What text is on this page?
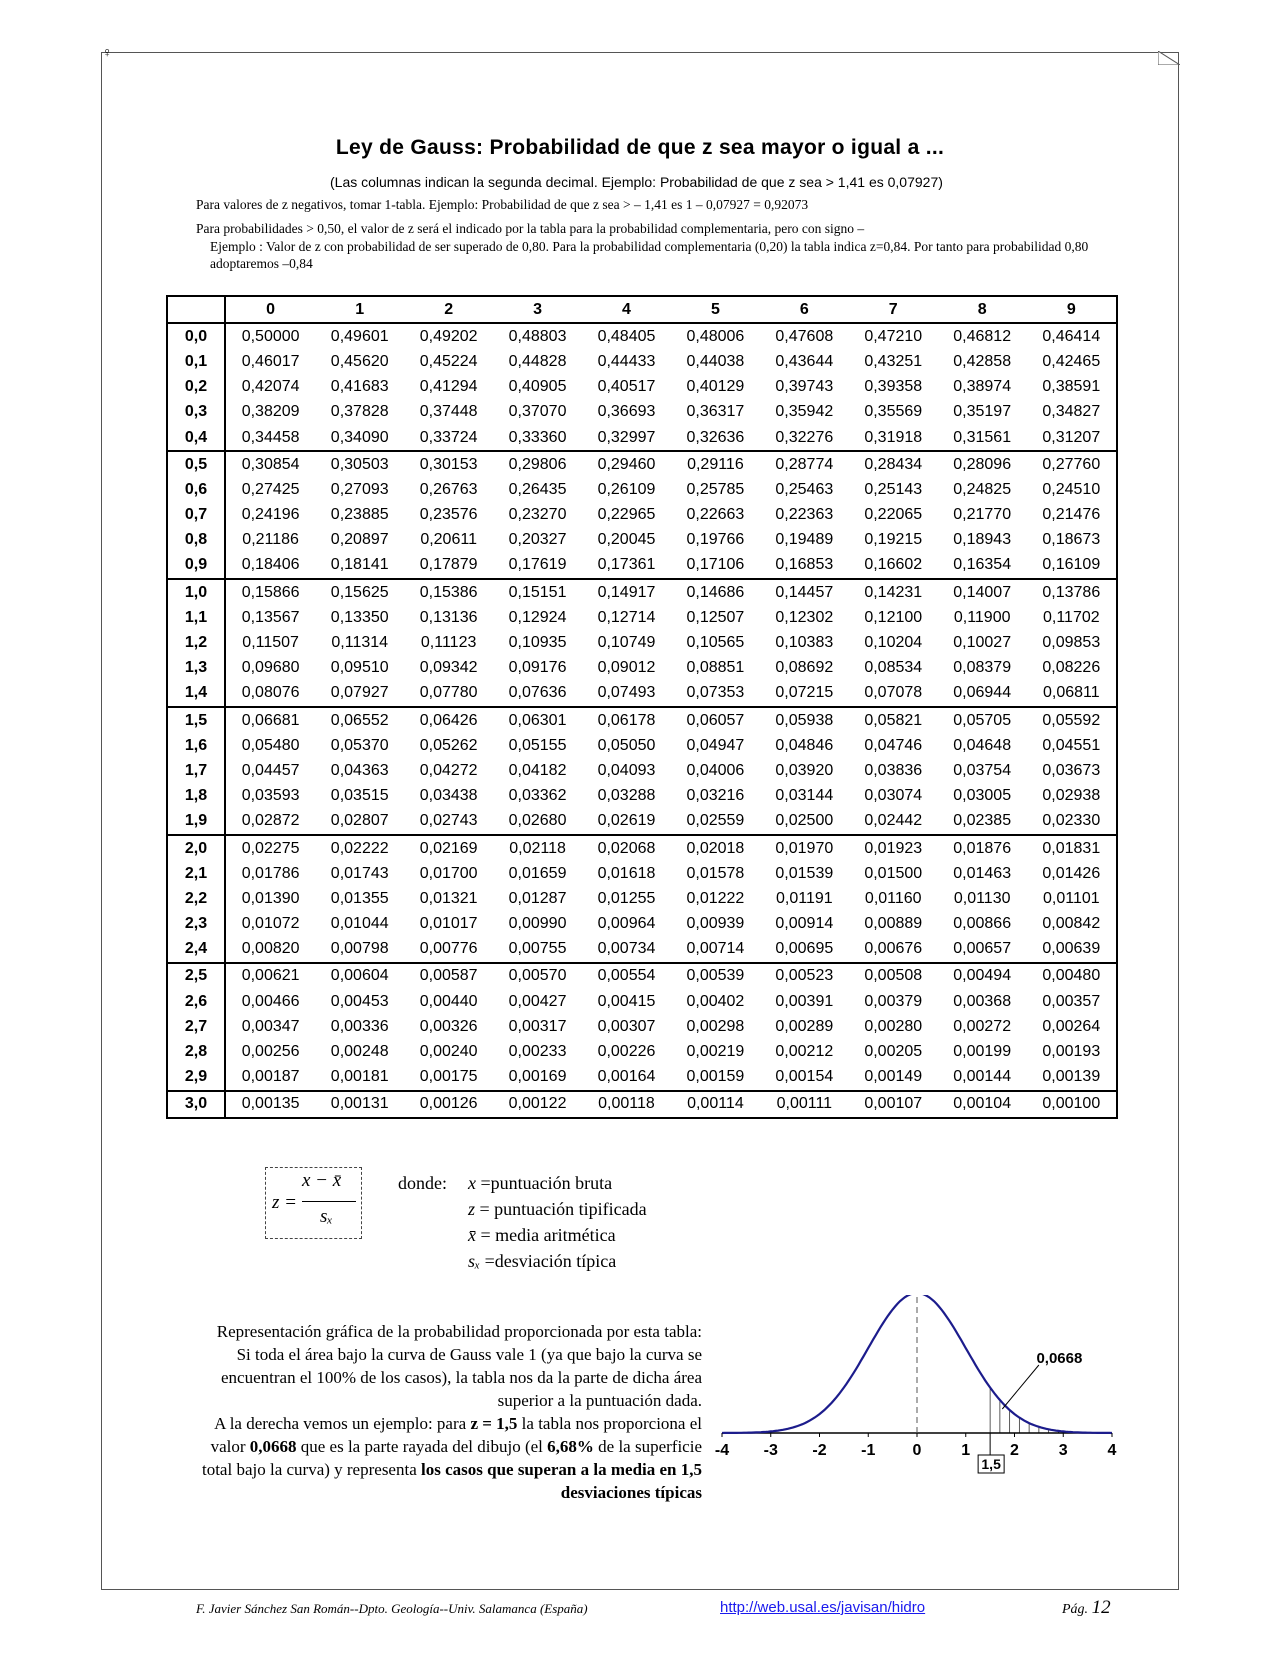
♀
Ley de Gauss: Probabilidad de que z sea mayor o igual a ...
(Las columnas indican la segunda decimal. Ejemplo: Probabilidad de que z sea > 1,41 es 0,07927)
Para valores de z negativos, tomar 1-tabla. Ejemplo: Probabilidad de que z sea > – 1,41 es 1 – 0,07927 = 0,92073
Para probabilidades > 0,50, el valor de z será el indicado por la tabla para la probabilidad complementaria, pero con signo –
Ejemplo : Valor de z con probabilidad de ser superado de 0,80. Para la probabilidad complementaria (0,20) la tabla indica z=0,84. Por tanto para probabilidad 0,80 adoptaremos –0,84
	0	1	2	3	4	5	6	7	8	9
0,0	0,50000	0,49601	0,49202	0,48803	0,48405	0,48006	0,47608	0,47210	0,46812	0,46414
0,1	0,46017	0,45620	0,45224	0,44828	0,44433	0,44038	0,43644	0,43251	0,42858	0,42465
0,2	0,42074	0,41683	0,41294	0,40905	0,40517	0,40129	0,39743	0,39358	0,38974	0,38591
0,3	0,38209	0,37828	0,37448	0,37070	0,36693	0,36317	0,35942	0,35569	0,35197	0,34827
0,4	0,34458	0,34090	0,33724	0,33360	0,32997	0,32636	0,32276	0,31918	0,31561	0,31207
0,5	0,30854	0,30503	0,30153	0,29806	0,29460	0,29116	0,28774	0,28434	0,28096	0,27760
0,6	0,27425	0,27093	0,26763	0,26435	0,26109	0,25785	0,25463	0,25143	0,24825	0,24510
0,7	0,24196	0,23885	0,23576	0,23270	0,22965	0,22663	0,22363	0,22065	0,21770	0,21476
0,8	0,21186	0,20897	0,20611	0,20327	0,20045	0,19766	0,19489	0,19215	0,18943	0,18673
0,9	0,18406	0,18141	0,17879	0,17619	0,17361	0,17106	0,16853	0,16602	0,16354	0,16109
1,0	0,15866	0,15625	0,15386	0,15151	0,14917	0,14686	0,14457	0,14231	0,14007	0,13786
1,1	0,13567	0,13350	0,13136	0,12924	0,12714	0,12507	0,12302	0,12100	0,11900	0,11702
1,2	0,11507	0,11314	0,11123	0,10935	0,10749	0,10565	0,10383	0,10204	0,10027	0,09853
1,3	0,09680	0,09510	0,09342	0,09176	0,09012	0,08851	0,08692	0,08534	0,08379	0,08226
1,4	0,08076	0,07927	0,07780	0,07636	0,07493	0,07353	0,07215	0,07078	0,06944	0,06811
1,5	0,06681	0,06552	0,06426	0,06301	0,06178	0,06057	0,05938	0,05821	0,05705	0,05592
1,6	0,05480	0,05370	0,05262	0,05155	0,05050	0,04947	0,04846	0,04746	0,04648	0,04551
1,7	0,04457	0,04363	0,04272	0,04182	0,04093	0,04006	0,03920	0,03836	0,03754	0,03673
1,8	0,03593	0,03515	0,03438	0,03362	0,03288	0,03216	0,03144	0,03074	0,03005	0,02938
1,9	0,02872	0,02807	0,02743	0,02680	0,02619	0,02559	0,02500	0,02442	0,02385	0,02330
2,0	0,02275	0,02222	0,02169	0,02118	0,02068	0,02018	0,01970	0,01923	0,01876	0,01831
2,1	0,01786	0,01743	0,01700	0,01659	0,01618	0,01578	0,01539	0,01500	0,01463	0,01426
2,2	0,01390	0,01355	0,01321	0,01287	0,01255	0,01222	0,01191	0,01160	0,01130	0,01101
2,3	0,01072	0,01044	0,01017	0,00990	0,00964	0,00939	0,00914	0,00889	0,00866	0,00842
2,4	0,00820	0,00798	0,00776	0,00755	0,00734	0,00714	0,00695	0,00676	0,00657	0,00639
2,5	0,00621	0,00604	0,00587	0,00570	0,00554	0,00539	0,00523	0,00508	0,00494	0,00480
2,6	0,00466	0,00453	0,00440	0,00427	0,00415	0,00402	0,00391	0,00379	0,00368	0,00357
2,7	0,00347	0,00336	0,00326	0,00317	0,00307	0,00298	0,00289	0,00280	0,00272	0,00264
2,8	0,00256	0,00248	0,00240	0,00233	0,00226	0,00219	0,00212	0,00205	0,00199	0,00193
2,9	0,00187	0,00181	0,00175	0,00169	0,00164	0,00159	0,00154	0,00149	0,00144	0,00139
3,0	0,00135	0,00131	0,00126	0,00122	0,00118	0,00114	0,00111	0,00107	0,00104	0,00100
z =
x − x̄
sₓ
donde: x =puntuación bruta
z = puntuación tipificada
x̄ = media aritmética
sₓ =desviación típica
Representación gráfica de la probabilidad proporcionada por esta tabla:
Si toda el área bajo la curva de Gauss vale 1 (ya que bajo la curva se encuentran el 100% de los casos), la tabla nos da la parte de dicha área superior a la puntuación dada.
A la derecha vemos un ejemplo: para z = 1,5 la tabla nos proporciona el valor 0,0668 que es la parte rayada del dibujo (el 6,68% de la superficie total bajo la curva) y representa los casos que superan a la media en 1,5 desviaciones típicas
-4 -3 -2 -1 0 1 2 3 4
1,5
0,0668
F. Javier Sánchez San Román--Dpto. Geología--Univ. Salamanca (España)	http://web.usal.es/javisan/hidro	Pág. 12
